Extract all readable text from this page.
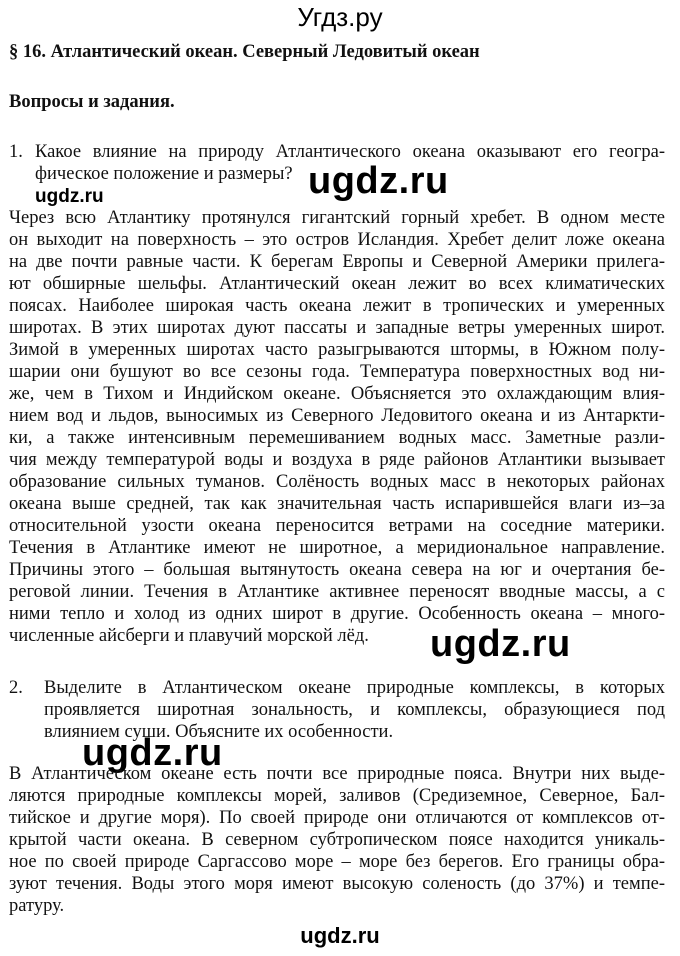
Угдз.ру
§ 16. Атлантический океан. Северный Ледовитый океан
Вопросы и задания.
1. Какое влияние на природу Атлантического океана оказывают его геогра-
фическое положение и размеры?
ugdz.ru	ugdz.ru
Через всю Атлантику протянулся гигантский горный хребет. В одном месте
он выходит на поверхность – это остров Исландия. Хребет делит ложе океана
на две почти равные части. К берегам Европы и Северной Америки прилега-
ют обширные шельфы. Атлантический океан лежит во всех климатических
поясах. Наиболее широкая часть океана лежит в тропических и умеренных
широтах. В этих широтах дуют пассаты и западные ветры умеренных широт.
Зимой в умеренных широтах часто разыгрываются штормы, в Южном полу-
шарии они бушуют во все сезоны года. Температура поверхностных вод ни-
же, чем в Тихом и Индийском океане. Объясняется это охлаждающим влия-
нием вод и льдов, выносимых из Северного Ледовитого океана и из Антаркти-
ки, а также интенсивным перемешиванием водных масс. Заметные разли-
чия между температурой воды и воздуха в ряде районов Атлантики вызывает
образование сильных туманов. Солёность водных масс в некоторых районах
океана выше средней, так как значительная часть испарившейся влаги из–за
относительной узости океана переносится ветрами на соседние материки.
Течения в Атлантике имеют не широтное, а меридиональное направление.
Причины этого – большая вытянутость океана севера на юг и очертания бе-
реговой линии. Течения в Атлантике активнее переносят вводные массы, а с
ними тепло и холод из одних широт в другие. Особенность океана – много-
численные айсберги и плавучий морской лёд.	ugdz.ru
2. Выделите в Атлантическом океане природные комплексы, в которых
проявляется широтная зональность, и комплексы, образующиеся под
влиянием суши. Объясните их особенности.
ugdz.ru
В Атлантическом океане есть почти все природные пояса. Внутри них выде-
ляются природные комплексы морей, заливов (Средиземное, Северное, Бал-
тийское и другие моря). По своей природе они отличаются от комплексов от-
крытой части океана. В северном субтропическом поясе находится уникаль-
ное по своей природе Саргассово море – море без берегов. Его границы обра-
зуют течения. Воды этого моря имеют высокую соленость (до 37%) и темпе-
ратуру.
ugdz.ru
